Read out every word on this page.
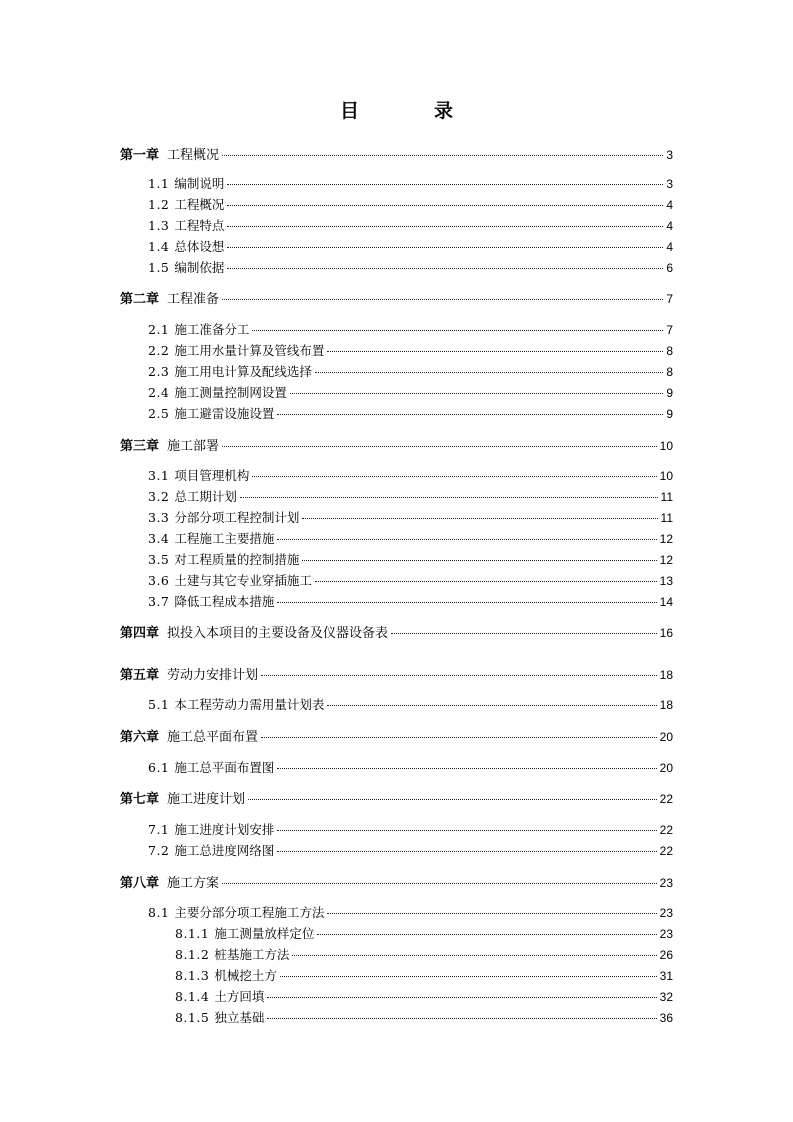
目　录
第一章 工程概况	3
1.1 编制说明	3
1.2 工程概况	4
1.3 工程特点	4
1.4 总体设想	4
1.5 编制依据	6
第二章 工程准备	7
2.1 施工准备分工	7
2.2 施工用水量计算及管线布置	8
2.3 施工用电计算及配线选择	8
2.4 施工测量控制网设置	9
2.5 施工避雷设施设置	9
第三章 施工部署	10
3.1 项目管理机构	10
3.2 总工期计划	11
3.3 分部分项工程控制计划	11
3.4 工程施工主要措施	12
3.5 对工程质量的控制措施	12
3.6 土建与其它专业穿插施工	13
3.7 降低工程成本措施	14
第四章 拟投入本项目的主要设备及仪器设备表	16
第五章 劳动力安排计划	18
5.1 本工程劳动力需用量计划表	18
第六章 施工总平面布置	20
6.1 施工总平面布置图	20
第七章 施工进度计划	22
7.1 施工进度计划安排	22
7.2 施工总进度网络图	22
第八章 施工方案	23
8.1 主要分部分项工程施工方法	23
8.1.1 施工测量放样定位	23
8.1.2 桩基施工方法	26
8.1.3 机械挖土方	31
8.1.4 土方回填	32
8.1.5 独立基础	36
